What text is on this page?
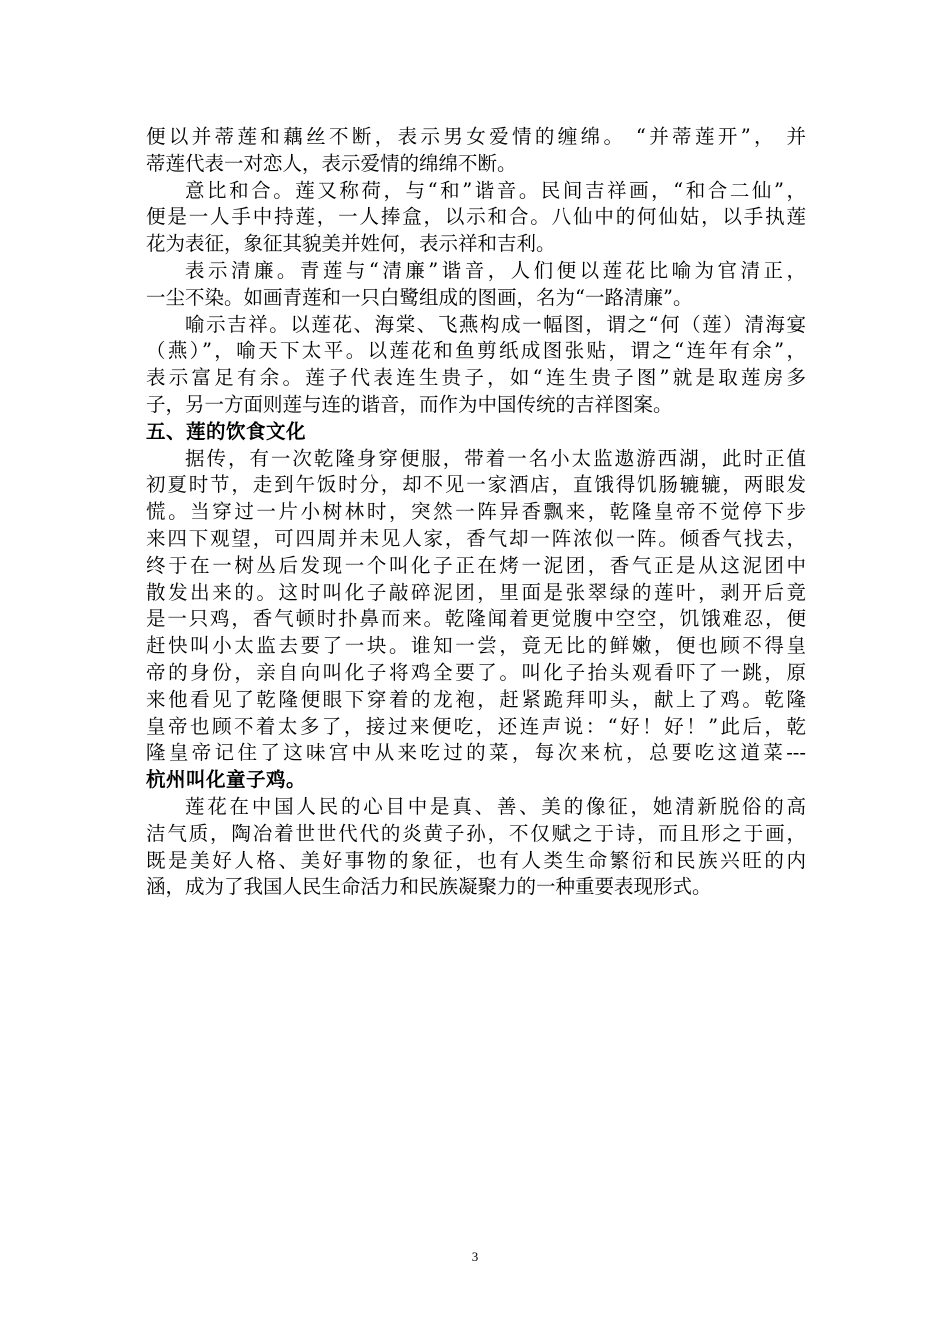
便以并蒂莲和藕丝不断，表示男女爱情的缠绵。 “并蒂莲开”， 并
蒂莲代表一对恋人，表示爱情的绵绵不断。
意比和合。莲又称荷，与“和”谐音。民间吉祥画，“和合二仙”，
便是一人手中持莲，一人捧盒，以示和合。八仙中的何仙姑，以手执莲
花为表征，象征其貌美并姓何，表示祥和吉利。
表示清廉。青莲与“清廉”谐音，人们便以莲花比喻为官清正，
一尘不染。如画青莲和一只白鹭组成的图画，名为“一路清廉”。
喻示吉祥。以莲花、海棠、飞燕构成一幅图，谓之“何（莲）清海宴
（燕）”，喻天下太平。以莲花和鱼剪纸成图张贴，谓之“连年有余”，
表示富足有余。莲子代表连生贵子，如“连生贵子图”就是取莲房多
子，另一方面则莲与连的谐音，而作为中国传统的吉祥图案。
五、莲的饮食文化
据传，有一次乾隆身穿便服，带着一名小太监遨游西湖，此时正值
初夏时节，走到午饭时分，却不见一家酒店，直饿得饥肠辘辘，两眼发
慌。当穿过一片小树林时，突然一阵异香飘来，乾隆皇帝不觉停下步
来四下观望，可四周并未见人家，香气却一阵浓似一阵。倾香气找去，
终于在一树丛后发现一个叫化子正在烤一泥团，香气正是从这泥团中
散发出来的。这时叫化子敲碎泥团，里面是张翠绿的莲叶，剥开后竟
是一只鸡，香气顿时扑鼻而来。乾隆闻着更觉腹中空空，饥饿难忍，便
赶快叫小太监去要了一块。谁知一尝，竟无比的鲜嫩，便也顾不得皇
帝的身份，亲自向叫化子将鸡全要了。叫化子抬头观看吓了一跳，原
来他看见了乾隆便眼下穿着的龙袍，赶紧跪拜叩头，献上了鸡。乾隆
皇帝也顾不着太多了，接过来便吃，还连声说：“好！好！”此后，乾
隆皇帝记住了这味宫中从来吃过的菜，每次来杭，总要吃这道菜---
杭州叫化童子鸡。
莲花在中国人民的心目中是真、善、美的像征，她清新脱俗的高
洁气质，陶冶着世世代代的炎黄子孙，不仅赋之于诗，而且形之于画，
既是美好人格、美好事物的象征，也有人类生命繁衍和民族兴旺的内
涵，成为了我国人民生命活力和民族凝聚力的一种重要表现形式。
3
